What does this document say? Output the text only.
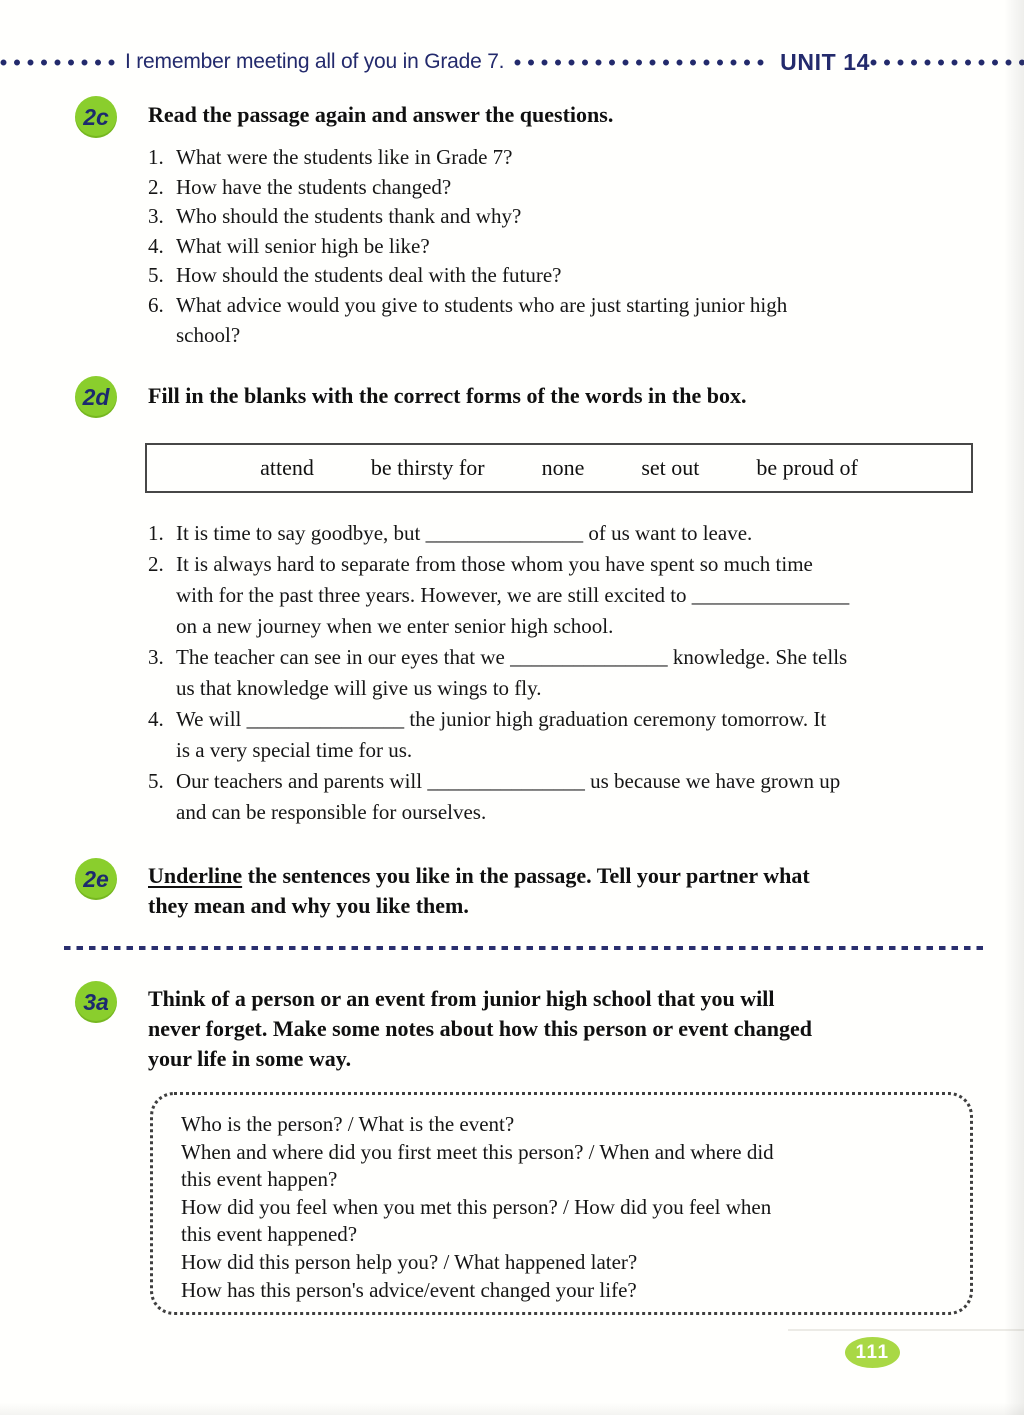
I remember meeting all of you in Grade 7.	UNIT 14
2c Read the passage again and answer the questions.
1. What were the students like in Grade 7?
2. How have the students changed?
3. Who should the students thank and why?
4. What will senior high be like?
5. How should the students deal with the future?
6. What advice would you give to students who are just starting junior high
school?
2d Fill in the blanks with the correct forms of the words in the box.
attend	be thirsty for	none	set out	be proud of
1. It is time to say goodbye, but _______________ of us want to leave.
2. It is always hard to separate from those whom you have spent so much time
with for the past three years. However, we are still excited to _______________
on a new journey when we enter senior high school.
3. The teacher can see in our eyes that we _______________ knowledge. She tells
us that knowledge will give us wings to fly.
4. We will _______________ the junior high graduation ceremony tomorrow. It
is a very special time for us.
5. Our teachers and parents will _______________ us because we have grown up
and can be responsible for ourselves.
2e Underline the sentences you like in the passage. Tell your partner what
they mean and why you like them.
3a Think of a person or an event from junior high school that you will
never forget. Make some notes about how this person or event changed
your life in some way.
Who is the person? / What is the event?
When and where did you first meet this person? / When and where did
this event happen?
How did you feel when you met this person? / How did you feel when
this event happened?
How did this person help you? / What happened later?
How has this person's advice/event changed your life?
111
